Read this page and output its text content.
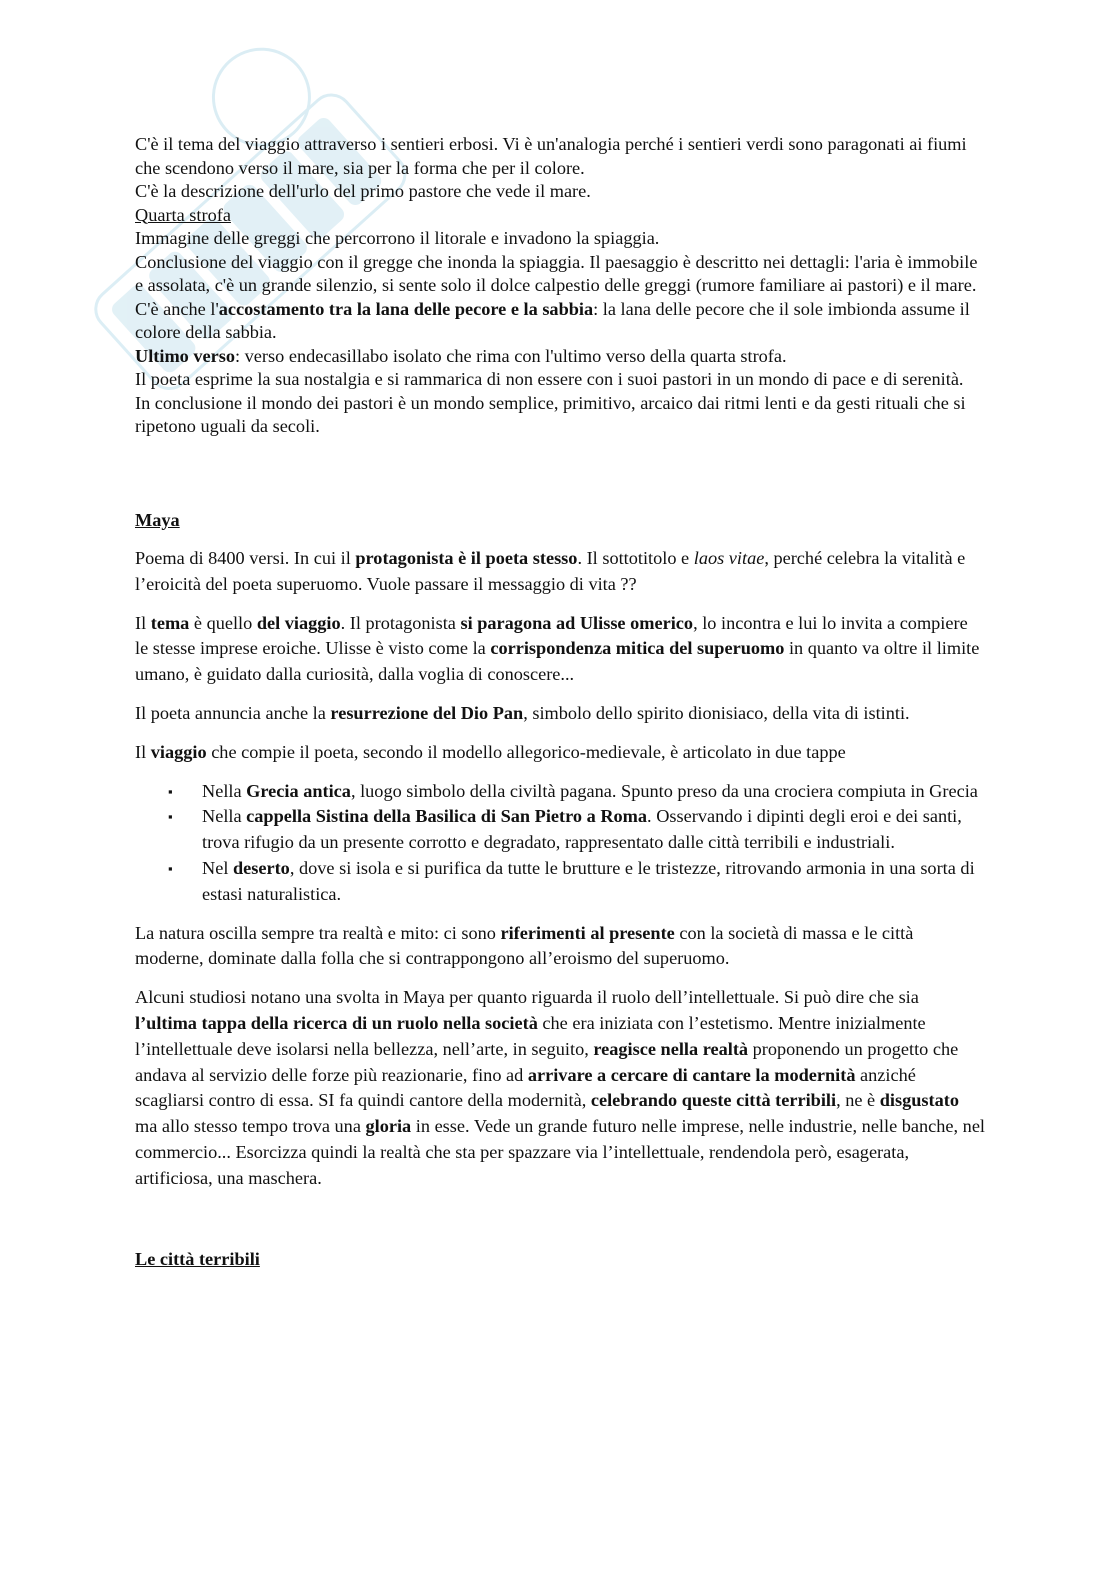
C'è il tema del viaggio attraverso i sentieri erbosi. Vi è un'analogia perché i sentieri verdi sono paragonati ai fiumi che scendono verso il mare, sia per la forma che per il colore.

C'è la descrizione dell'urlo del primo pastore che vede il mare.

Quarta strofa

Immagine delle greggi che percorrono il litorale e invadono la spiaggia.

Conclusione del viaggio con il gregge che inonda la spiaggia. Il paesaggio è descritto nei dettagli: l'aria è immobile e assolata, c'è un grande silenzio, si sente solo il dolce calpestio delle greggi (rumore familiare ai pastori) e il mare.

C'è anche l'accostamento tra la lana delle pecore e la sabbia: la lana delle pecore che il sole imbionda assume il colore della sabbia.

Ultimo verso: verso endecasillabo isolato che rima con l'ultimo verso della quarta strofa.

Il poeta esprime la sua nostalgia e si rammarica di non essere con i suoi pastori in un mondo di pace e di serenità.

In conclusione il mondo dei pastori è un mondo semplice, primitivo, arcaico dai ritmi lenti e da gesti rituali che si ripetono uguali da secoli.

Maya

Poema di 8400 versi. In cui il protagonista è il poeta stesso. Il sottotitolo e laos vitae, perché celebra la vitalità e l’eroicità del poeta superuomo. Vuole passare il messaggio di vita ??

Il tema è quello del viaggio. Il protagonista si paragona ad Ulisse omerico, lo incontra e lui lo invita a compiere le stesse imprese eroiche. Ulisse è visto come la corrispondenza mitica del superuomo in quanto va oltre il limite umano, è guidato dalla curiosità, dalla voglia di conoscere...

Il poeta annuncia anche la resurrezione del Dio Pan, simbolo dello spirito dionisiaco, della vita di istinti.

Il viaggio che compie il poeta, secondo il modello allegorico-medievale, è articolato in due tappe

▪ Nella Grecia antica, luogo simbolo della civiltà pagana. Spunto preso da una crociera compiuta in Grecia
▪ Nella cappella Sistina della Basilica di San Pietro a Roma. Osservando i dipinti degli eroi e dei santi, trova rifugio da un presente corrotto e degradato, rappresentato dalle città terribili e industriali.
▪ Nel deserto, dove si isola e si purifica da tutte le brutture e le tristezze, ritrovando armonia in una sorta di estasi naturalistica.

La natura oscilla sempre tra realtà e mito: ci sono riferimenti al presente con la società di massa e le città moderne, dominate dalla folla che si contrappongono all’eroismo del superuomo.

Alcuni studiosi notano una svolta in Maya per quanto riguarda il ruolo dell’intellettuale. Si può dire che sia l’ultima tappa della ricerca di un ruolo nella società che era iniziata con l’estetismo. Mentre inizialmente l’intellettuale deve isolarsi nella bellezza, nell’arte, in seguito, reagisce nella realtà proponendo un progetto che andava al servizio delle forze più reazionarie, fino ad arrivare a cercare di cantare la modernità anziché scagliarsi contro di essa. SI fa quindi cantore della modernità, celebrando queste città terribili, ne è disgustato ma allo stesso tempo trova una gloria in esse. Vede un grande futuro nelle imprese, nelle industrie, nelle banche, nel commercio... Esorcizza quindi la realtà che sta per spazzare via l’intellettuale, rendendola però, esagerata, artificiosa, una maschera.

Le città terribili
